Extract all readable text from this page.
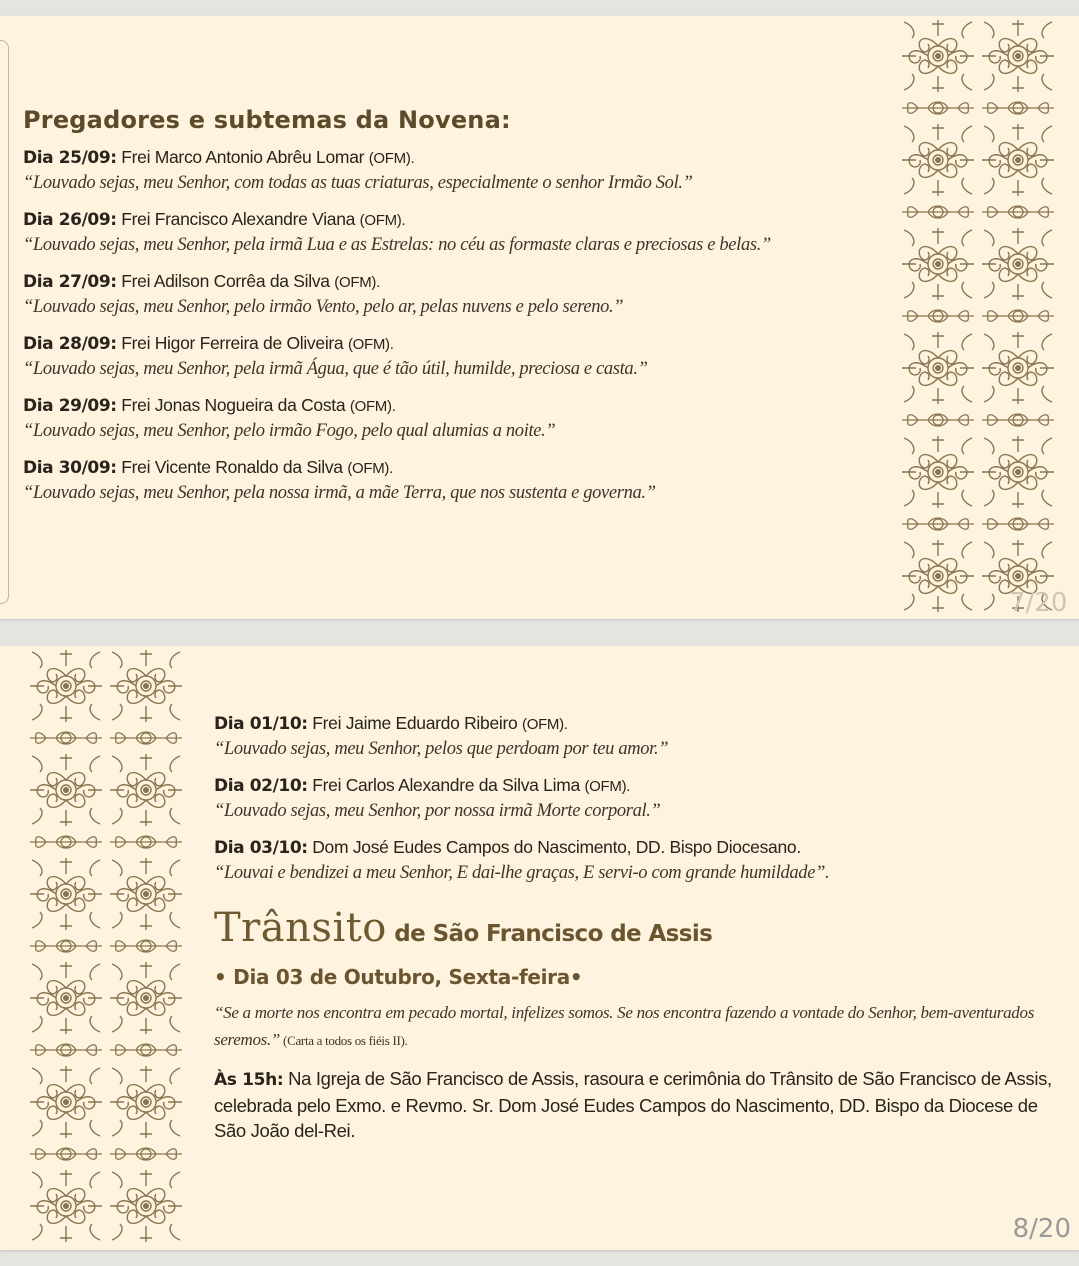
Pregadores e subtemas da Novena:
Dia 25/09: Frei Marco Antonio Abrêu Lomar (OFM).
“Louvado sejas, meu Senhor, com todas as tuas criaturas, especialmente o senhor Irmão Sol.”
Dia 26/09: Frei Francisco Alexandre Viana (OFM).
“Louvado sejas, meu Senhor, pela irmã Lua e as Estrelas: no céu as formaste claras e preciosas e belas.”
Dia 27/09: Frei Adilson Corrêa da Silva (OFM).
“Louvado sejas, meu Senhor, pelo irmão Vento, pelo ar, pelas nuvens e pelo sereno.”
Dia 28/09: Frei Higor Ferreira de Oliveira (OFM).
“Louvado sejas, meu Senhor, pela irmã Água, que é tão útil, humilde, preciosa e casta.”
Dia 29/09: Frei Jonas Nogueira da Costa (OFM).
“Louvado sejas, meu Senhor, pelo irmão Fogo, pelo qual alumias a noite.”
Dia 30/09: Frei Vicente Ronaldo da Silva (OFM).
“Louvado sejas, meu Senhor, pela nossa irmã, a mãe Terra, que nos sustenta e governa.”
7/20
Dia 01/10: Frei Jaime Eduardo Ribeiro (OFM).
“Louvado sejas, meu Senhor, pelos que perdoam por teu amor.”
Dia 02/10: Frei Carlos Alexandre da Silva Lima (OFM).
“Louvado sejas, meu Senhor, por nossa irmã Morte corporal.”
Dia 03/10: Dom José Eudes Campos do Nascimento, DD. Bispo Diocesano.
“Louvai e bendizei a meu Senhor, E dai-lhe graças, E servi-o com grande humildade”.
Trânsito de São Francisco de Assis
• Dia 03 de Outubro, Sexta-feira•
“Se a morte nos encontra em pecado mortal, infelizes somos. Se nos encontra fazendo a vontade do Senhor, bem-aventurados seremos.” (Carta a todos os fiéis II).
Às 15h: Na Igreja de São Francisco de Assis, rasoura e cerimônia do Trânsito de São Francisco de Assis, celebrada pelo Exmo. e Revmo. Sr. Dom José Eudes Campos do Nascimento, DD. Bispo da Diocese de São João del-Rei.
8/20
